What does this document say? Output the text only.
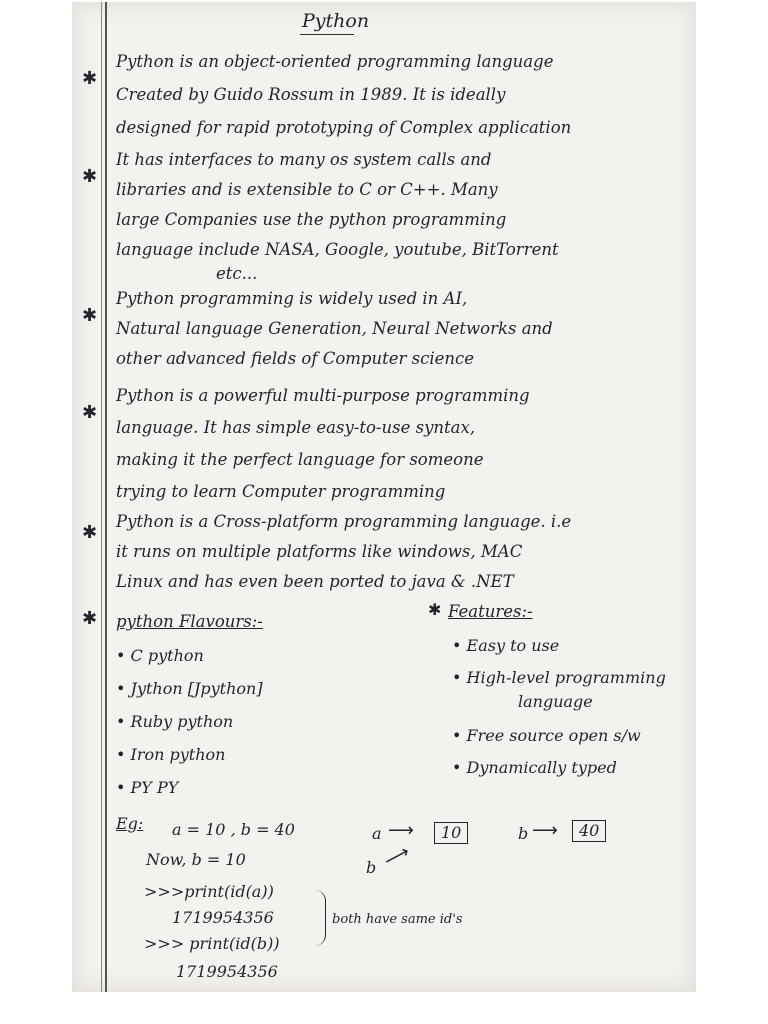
Python
✱
Python is an object-oriented programming language
Created by Guido Rossum in 1989. It is ideally
designed for rapid prototyping of Complex application
✱
It has interfaces to many os system calls and
libraries and is extensible to C or C++. Many
large Companies use the python programming
language include NASA, Google, youtube, BitTorrent
etc...
✱
Python programming is widely used in AI,
Natural language Generation, Neural Networks and
other advanced fields of Computer science
✱
Python is a powerful multi-purpose programming
language. It has simple easy-to-use syntax,
making it the perfect language for someone
trying to learn Computer programming
✱
Python is a Cross-platform programming language. i.e
it runs on multiple platforms like windows, MAC
Linux and has even been ported to java & .NET
✱ python Flavours:-
• C python
• Jython [Jpython]
• Ruby python
• Iron python
• PY PY
✱ Features:-
• Easy to use
• High-level programming
language
• Free source open s/w
• Dynamically typed
Eg: a = 10 , b = 40	a ⟶	10	b ⟶	40
b ⟶
Now, b = 10
>>>print(id(a))
1719954356
>>> print(id(b))
1719954356
both have same id's
